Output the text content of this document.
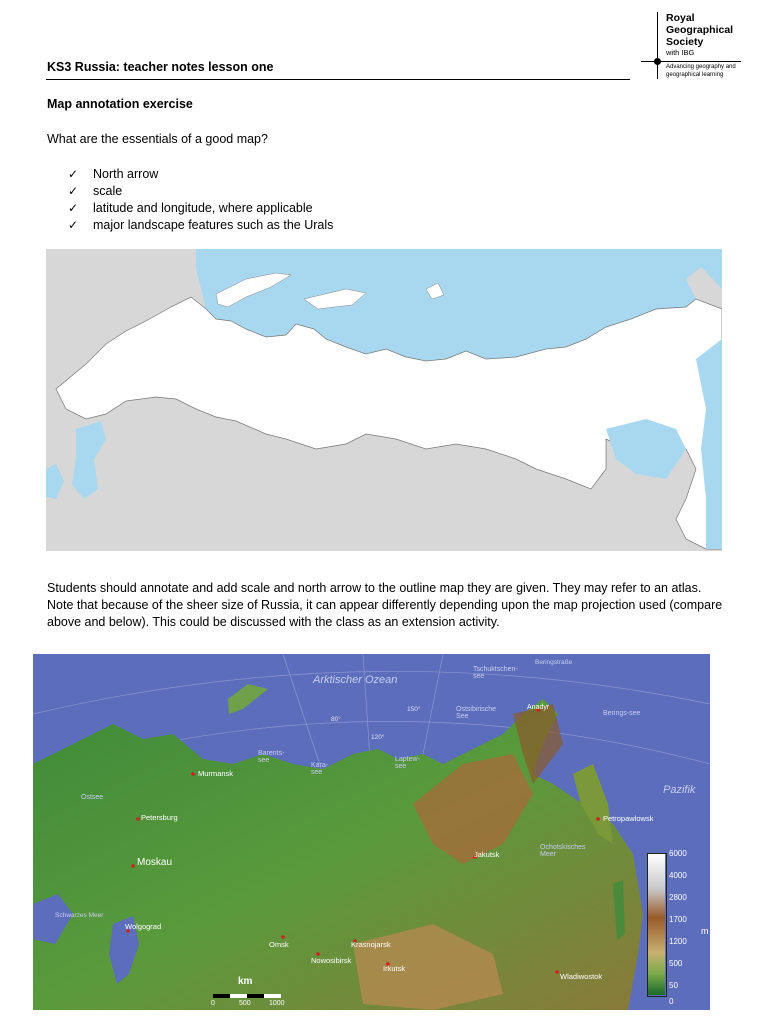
KS3 Russia: teacher notes lesson one
Royal Geographical Society
with IBG
Advancing geography and geographical learning
Map annotation exercise
What are the essentials of a good map?
✓	North arrow
✓	scale
✓	latitude and longitude, where applicable
✓	major landscape features such as the Urals
Students should annotate and add scale and north arrow to the outline map they are given. They may refer to an atlas. Note that because of the sheer size of Russia, it can appear differently depending upon the map projection used (compare above and below). This could be discussed with the class as an extension activity.
Arktischer Ozean
Pazifik
Barents-see
Kara-see
Laptew-see
Ostsibirische See
Tschuktschen-see
Berings-see
Beringstraße
Ochotskisches Meer
Ostsee
Schwarzes Meer
Murmansk
Petersburg
Moskau
Wolgograd
Omsk
Nowosibirsk
Krasnojarsk
Irkutsk
Jakutsk
Anadyr
Petropawlowsk
Wladiwostok
80°
120°
150°
km
0	500	1000
m
6000
4000
2800
1700
1200
500
50
0
